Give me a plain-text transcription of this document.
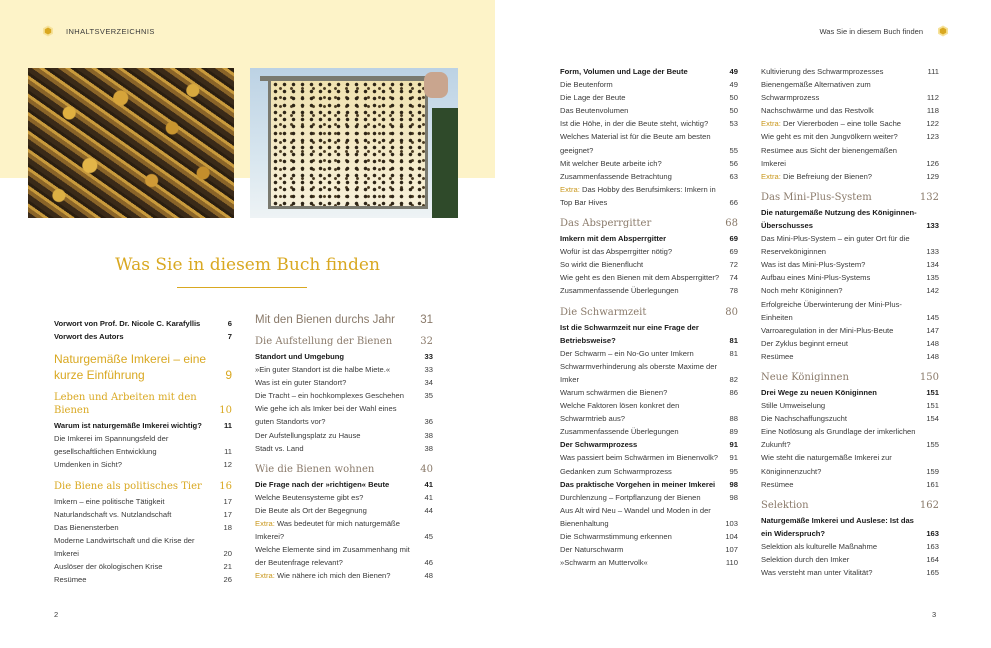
INHALTSVERZEICHNIS	Was Sie in diesem Buch finden
Was Sie in diesem Buch finden
Vorwort von Prof. Dr. Nicole C. Karafyllis	6
Vorwort des Autors	7
Naturgemäße Imkerei – eine kurze Einführung	9
Leben und Arbeiten mit den Bienen	10
Warum ist naturgemäße Imkerei wichtig?	11
Die Imkerei im Spannungsfeld der gesellschaftlichen Entwicklung	11
Umdenken in Sicht?	12
Die Biene als politisches Tier 16
Imkern – eine politische Tätigkeit	17
Naturlandschaft vs. Nutzlandschaft	17
Das Bienensterben	18
Moderne Landwirtschaft und die Krise der Imkerei	20
Auslöser der ökologischen Krise	21
Resümee	26
Mit den Bienen durchs Jahr 31
Die Aufstellung der Bienen	32
Standort und Umgebung	33
»Ein guter Standort ist die halbe Miete.«	33
Was ist ein guter Standort?	34
Die Tracht – ein hochkomplexes Geschehen	35
Wie gehe ich als Imker bei der Wahl eines guten Standorts vor?	36
Der Aufstellungsplatz zu Hause	38
Stadt vs. Land	38
Wie die Bienen wohnen	40
Die Frage nach der »richtigen« Beute	41
Welche Beutensysteme gibt es?	41
Die Beute als Ort der Begegnung	44
Extra: Was bedeutet für mich naturgemäße Imkerei?	45
Welche Elemente sind im Zusammenhang mit der Beutenfrage relevant?	46
Extra: Wie nähere ich mich den Bienen?	48
Form, Volumen und Lage der Beute	49
Die Beutenform	49
Die Lage der Beute	50
Das Beutenvolumen	50
Ist die Höhe, in der die Beute steht, wichtig?	53
Welches Material ist für die Beute am besten geeignet?	55
Mit welcher Beute arbeite ich?	56
Zusammenfassende Betrachtung	63
Extra: Das Hobby des Berufsimkers: Imkern in Top Bar Hives	66
Das Absperrgitter	68
Imkern mit dem Absperrgitter	69
Wofür ist das Absperrgitter nötig?	69
So wirkt die Bienenflucht	72
Wie geht es den Bienen mit dem Absperrgitter?	74
Zusammenfassende Überlegungen	78
Die Schwarmzeit	80
Ist die Schwarmzeit nur eine Frage der Betriebsweise?	81
Der Schwarm – ein No-Go unter Imkern	81
Schwarmverhinderung als oberste Maxime der Imker	82
Warum schwärmen die Bienen?	86
Welche Faktoren lösen konkret den Schwarmtrieb aus?	88
Zusammenfassende Überlegungen	89
Der Schwarmprozess	91
Was passiert beim Schwärmen im Bienenvolk?	91
Gedanken zum Schwarmprozess	95
Das praktische Vorgehen in meiner Imkerei	98
Durchlenzung – Fortpflanzung der Bienen	98
Aus Alt wird Neu – Wandel und Moden in der Bienenhaltung	103
Die Schwarmstimmung erkennen	104
Der Naturschwarm	107
»Schwarm an Muttervolk«	110
Kultivierung des Schwarmprozesses	111
Bienengemäße Alternativen zum Schwarmprozess	112
Nachschwärme und das Restvolk	118
Extra: Der Viererboden – eine tolle Sache	122
Wie geht es mit den Jungvölkern weiter?	123
Resümee aus Sicht der bienengemäßen Imkerei	126
Extra: Die Befreiung der Bienen?	129
Das Mini-Plus-System	132
Die naturgemäße Nutzung des Königinnen-Überschusses	133
Das Mini-Plus-System – ein guter Ort für die Reserveköniginnen	133
Was ist das Mini-Plus-System?	134
Aufbau eines Mini-Plus-Systems	135
Noch mehr Königinnen?	142
Erfolgreiche Überwinterung der Mini-Plus-Einheiten	145
Varroaregulation in der Mini-Plus-Beute	147
Der Zyklus beginnt erneut	148
Resümee	148
Neue Königinnen	150
Drei Wege zu neuen Königinnen	151
Stille Umweiselung	151
Die Nachschaffungszucht	154
Eine Notlösung als Grundlage der imkerlichen Zukunft?	155
Wie steht die naturgemäße Imkerei zur Königinnenzucht?	159
Resümee	161
Selektion	162
Naturgemäße Imkerei und Auslese: Ist das ein Widerspruch?	163
Selektion als kulturelle Maßnahme	163
Selektion durch den Imker	164
Was versteht man unter Vitalität?	165
2	3
